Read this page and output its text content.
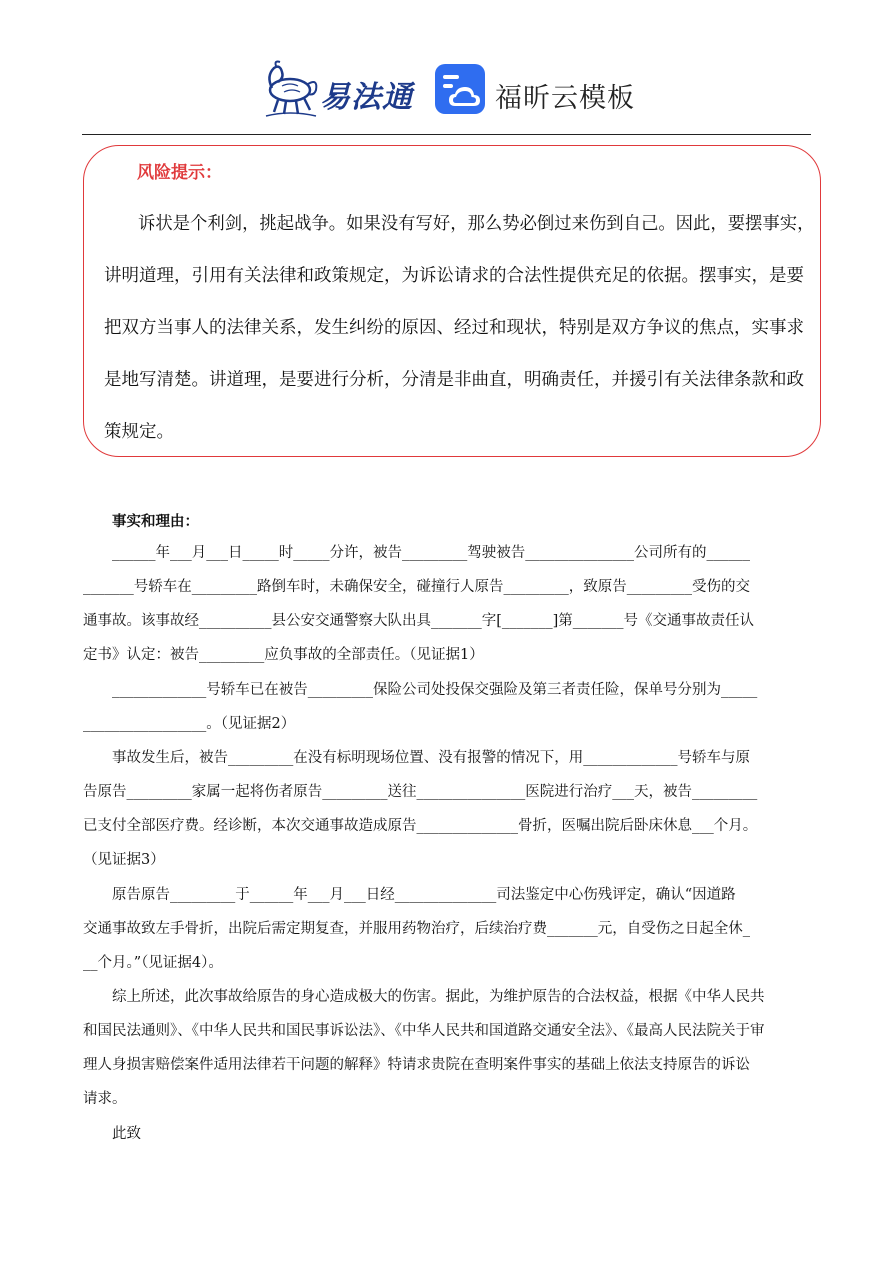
易法通	福昕云模板
风险提示：
诉状是个利剑，挑起战争。如果没有写好，那么势必倒过来伤到自己。因此，要摆事实，
讲明道理，引用有关法律和政策规定，为诉讼请求的合法性提供充足的依据。摆事实，是要
把双方当事人的法律关系，发生纠纷的原因、经过和现状，特别是双方争议的焦点，实事求
是地写清楚。讲道理，是要进行分析，分清是非曲直，明确责任，并援引有关法律条款和政
策规定。
事实和理由：
______年___月___日_____时_____分许，被告_________驾驶被告_______________公司所有的______
_______号轿车在_________路倒车时，未确保安全，碰撞行人原告_________，致原告_________受伤的交
通事故。该事故经__________县公安交通警察大队出具_______字[_______]第_______号《交通事故责任认
定书》认定：被告_________应负事故的全部责任。（见证据1）
_____________号轿车已在被告_________保险公司处投保交强险及第三者责任险，保单号分别为_____
_________________。（见证据2）
事故发生后，被告_________在没有标明现场位置、没有报警的情况下，用_____________号轿车与原
告原告_________家属一起将伤者原告_________送往_______________医院进行治疗___天，被告_________
已支付全部医疗费。经诊断，本次交通事故造成原告______________骨折，医嘱出院后卧床休息___个月。
（见证据3）
原告原告_________于______年___月___日经______________司法鉴定中心伤残评定，确认“因道路
交通事故致左手骨折，出院后需定期复查，并服用药物治疗，后续治疗费_______元，自受伤之日起全休_
__个月。”（见证据4）。
综上所述，此次事故给原告的身心造成极大的伤害。据此，为维护原告的合法权益，根据《中华人民共
和国民法通则》、《中华人民共和国民事诉讼法》、《中华人民共和国道路交通安全法》、《最高人民法院关于审
理人身损害赔偿案件适用法律若干问题的解释》特请求贵院在查明案件事实的基础上依法支持原告的诉讼
请求。
此致
